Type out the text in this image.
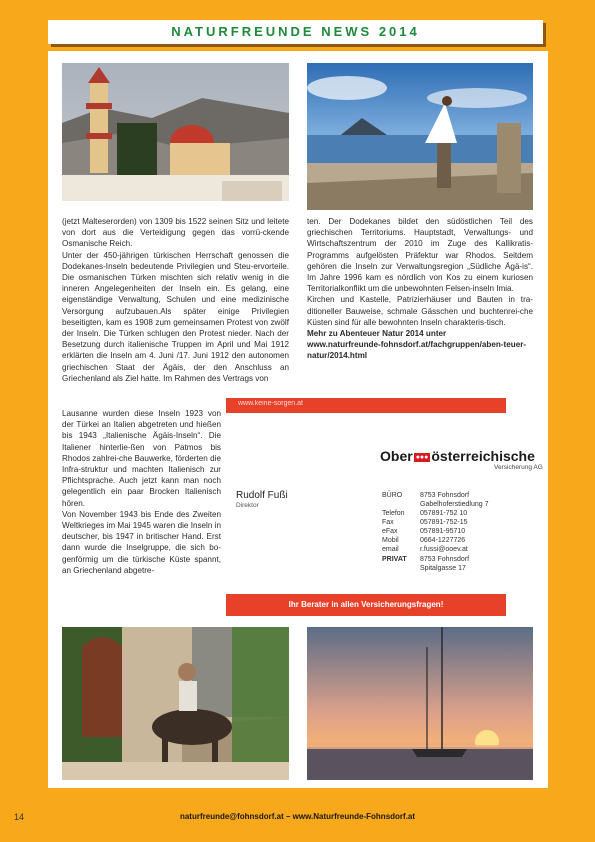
NATURFREUNDE NEWS 2014

(jetzt Malteserorden) von 1309 bis 1522 seinen Sitz und leitete von dort aus die Verteidigung gegen das vorrü-ckende Osmanische Reich.

Unter der 450-jährigen türkischen Herrschaft genossen die Dodekanes-Inseln bedeutende Privilegien und Steu-ervorteile. Die osmanischen Türken mischten sich relativ wenig in die inneren Angelegenheiten der Inseln ein. Es gelang, eine eigenständige Verwaltung, Schulen und eine medizinische Versorgung aufzubauen.Als später einige Privilegien beseitigten, kam es 1908 zum gemeinsamen Protest von zwölf der Inseln. Die Türken schlugen den Protest nieder. Nach der Besetzung durch italienische Truppen im April und Mai 1912 erklärten die Inseln am 4. Juni /17. Juni 1912 den autonomen griechischen Staat der Ägäis, der den Anschluss an Griechenland als Ziel hatte. Im Rahmen des Vertrags von

Lausanne wurden diese Inseln 1923 von der Türkei an Italien abgetreten und hießen bis 1943 „Italienische Ägäis-Inseln“. Die Italiener hinterlie-ßen von Patmos bis Rhodos zahlrei-che Bauwerke, förderten die Infra-struktur und machten Italienisch zur Pflichtsprache. Auch jetzt kann man noch gelegentlich ein paar Brocken Italienisch hören.

Von November 1943 bis Ende des Zweiten Weltkrieges im Mai 1945 waren die Inseln in deutscher, bis 1947 in britischer Hand. Erst dann wurde die Inselgruppe, die sich bo-genförmig um die türkische Küste spannt, an Griechenland abgetre-

ten. Der Dodekanes bildet den südöstlichen Teil des griechischen Territoriums. Hauptstadt, Verwaltungs- und Wirtschaftszentrum der 2010 im Zuge des Kallikratis-Programms aufgelösten Präfektur war Rhodos. Seitdem gehören die Inseln zur Verwaltungsregion „Südliche Ägä-is“. Im Jahre 1996 kam es nördlich von Kos zu einem kuriosen Territorialkonflikt um die unbewohnten Felsen-inseln Imia.

Kirchen und Kastelle, Patrizierhäuser und Bauten in tra-ditioneller Bauweise, schmale Gässchen und buchtenrei-che Küsten sind für alle bewohnten Inseln charakteris-tisch.

Mehr zu Abenteuer Natur 2014 unter

www.naturfreunde-fohnsdorf.at/fachgruppen/aben-teuer-natur/2014.html

www.keine-sorgen.at
Ober ●●● österreichische
Versicherung AG
Rudolf Fußi
Direktor
BÜRO	8753 Fohnsdorf
Gabelhoferstiedlung 7
Telefon 057891-752 10
Fax	057891-752-15
eFax	057891-95710
Mobil	0664-1227726
email	r.fussi@ooev.at
PRIVAT 8753 Fohnsdorf
Spitalgasse 17
Ihr Berater in allen Versicherungsfragen!
14	naturfreunde@fohnsdorf.at – www.Naturfreunde-Fohnsdorf.at
